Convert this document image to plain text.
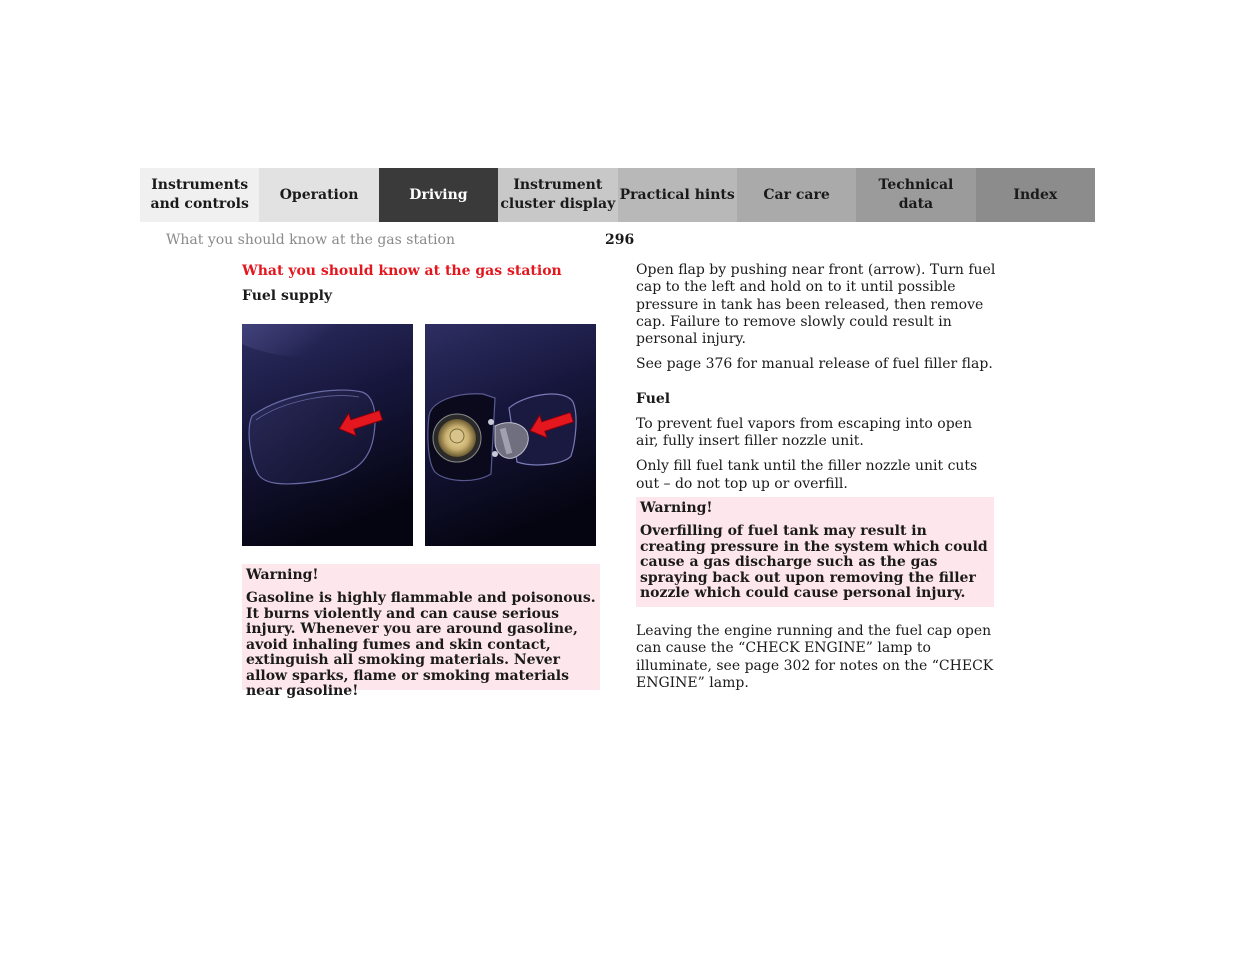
Instruments
and controls
Operation	Driving
Instrument
cluster display
Practical hints	Car care
Technical
data
Index
What you should know at the gas station	296

What you should know at the gas station

Fuel supply

Warning!

Gasoline is highly flammable and poisonous. It burns violently and can cause serious injury. Whenever you are around gasoline, avoid inhaling fumes and skin contact, extinguish all smoking materials. Never allow sparks, flame or smoking materials near gasoline!

Open flap by pushing near front (arrow). Turn fuel cap to the left and hold on to it until possible pressure in tank has been released, then remove cap. Failure to remove slowly could result in personal injury.

See page 376 for manual release of fuel filler flap.

Fuel

To prevent fuel vapors from escaping into open air, fully insert filler nozzle unit.

Only fill fuel tank until the filler nozzle unit cuts out – do not top up or overfill.

Warning!

Overfilling of fuel tank may result in creating pressure in the system which could cause a gas discharge such as the gas spraying back out upon removing the filler nozzle which could cause personal injury.

Leaving the engine running and the fuel cap open can cause the “CHECK ENGINE” lamp to illuminate, see page 302 for notes on the “CHECK ENGINE” lamp.
